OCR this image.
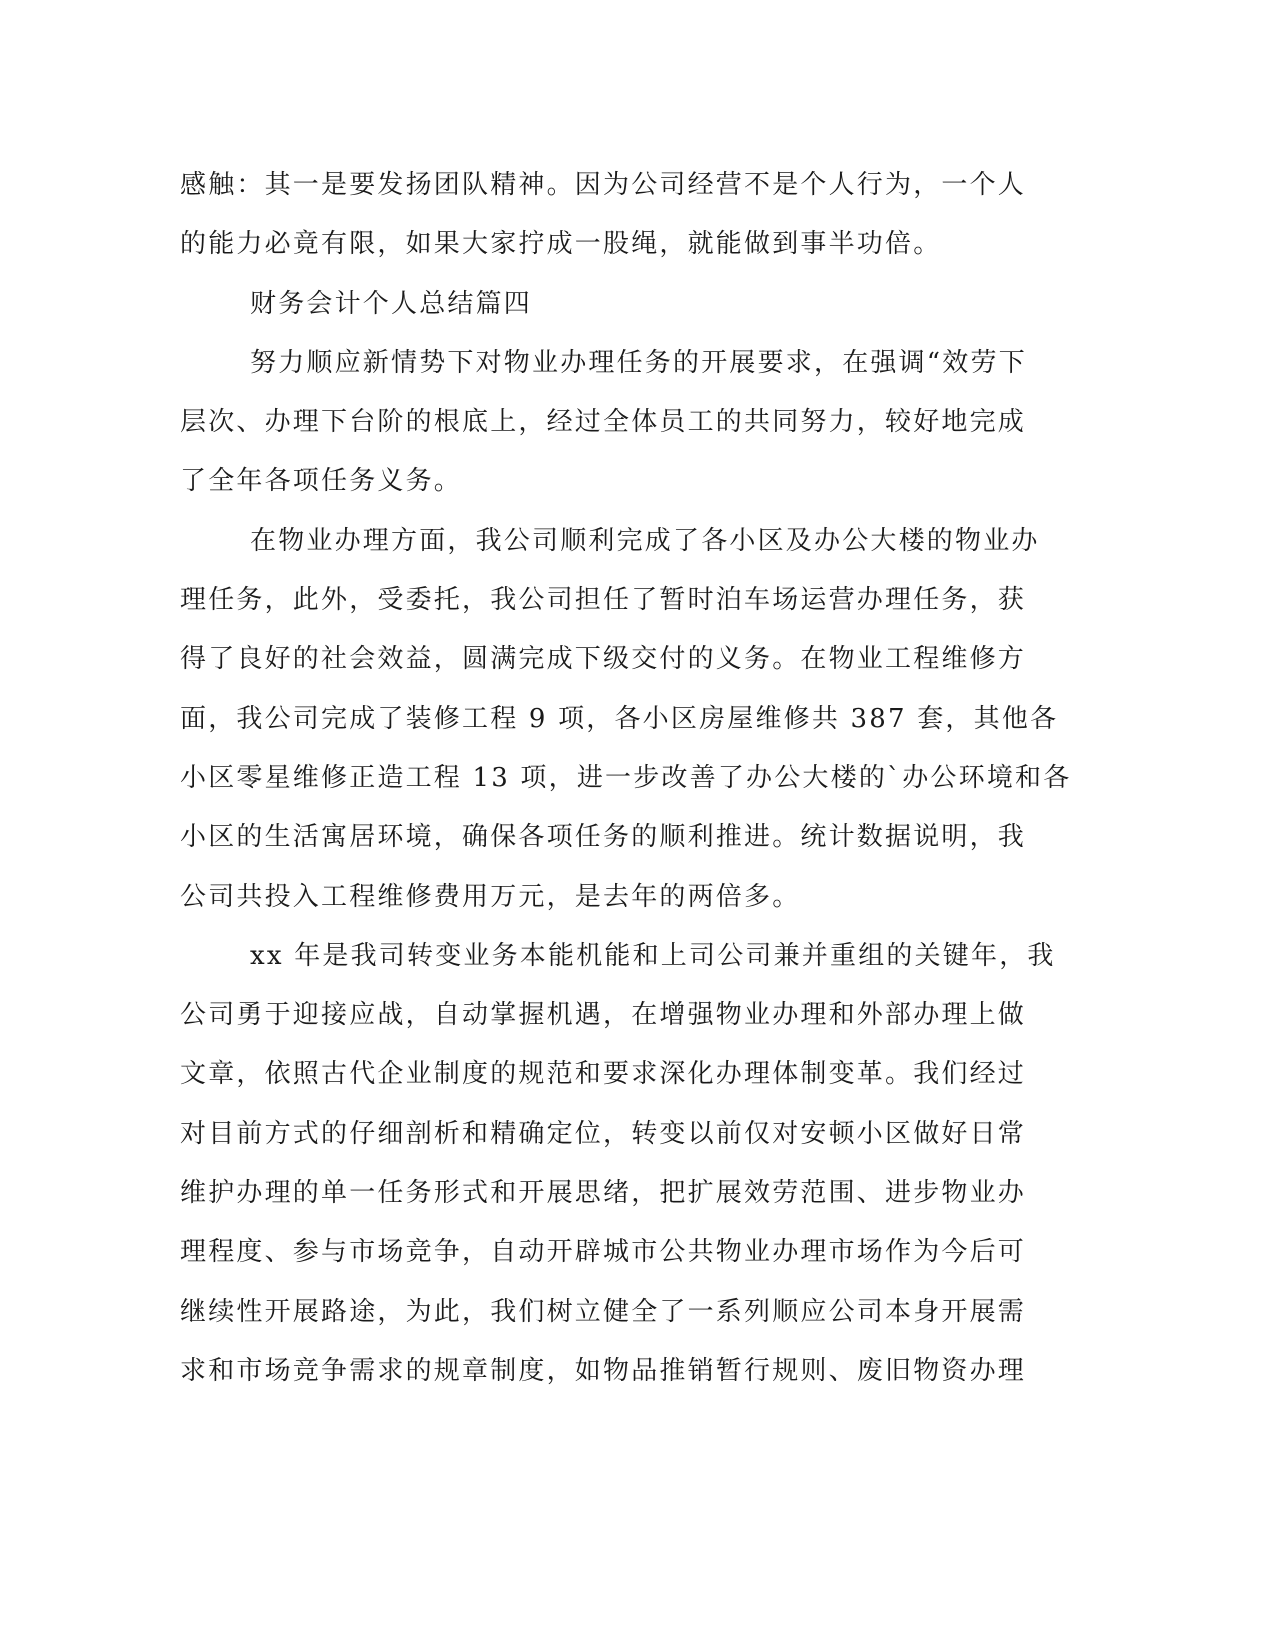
感触：其一是要发扬团队精神。因为公司经营不是个人行为，一个人
的能力必竟有限，如果大家拧成一股绳，就能做到事半功倍。
财务会计个人总结篇四
努力顺应新情势下对物业办理任务的开展要求，在强调“效劳下
层次、办理下台阶的根底上，经过全体员工的共同努力，较好地完成
了全年各项任务义务。
在物业办理方面，我公司顺利完成了各小区及办公大楼的物业办
理任务，此外，受委托，我公司担任了暂时泊车场运营办理任务，获
得了良好的社会效益，圆满完成下级交付的义务。在物业工程维修方
面，我公司完成了装修工程 9 项，各小区房屋维修共 387 套，其他各
小区零星维修正造工程 13 项，进一步改善了办公大楼的`办公环境和各
小区的生活寓居环境，确保各项任务的顺利推进。统计数据说明，我
公司共投入工程维修费用万元，是去年的两倍多。
xx 年是我司转变业务本能机能和上司公司兼并重组的关键年，我
公司勇于迎接应战，自动掌握机遇，在增强物业办理和外部办理上做
文章，依照古代企业制度的规范和要求深化办理体制变革。我们经过
对目前方式的仔细剖析和精确定位，转变以前仅对安顿小区做好日常
维护办理的单一任务形式和开展思绪，把扩展效劳范围、进步物业办
理程度、参与市场竞争，自动开辟城市公共物业办理市场作为今后可
继续性开展路途，为此，我们树立健全了一系列顺应公司本身开展需
求和市场竞争需求的规章制度，如物品推销暂行规则、废旧物资办理
